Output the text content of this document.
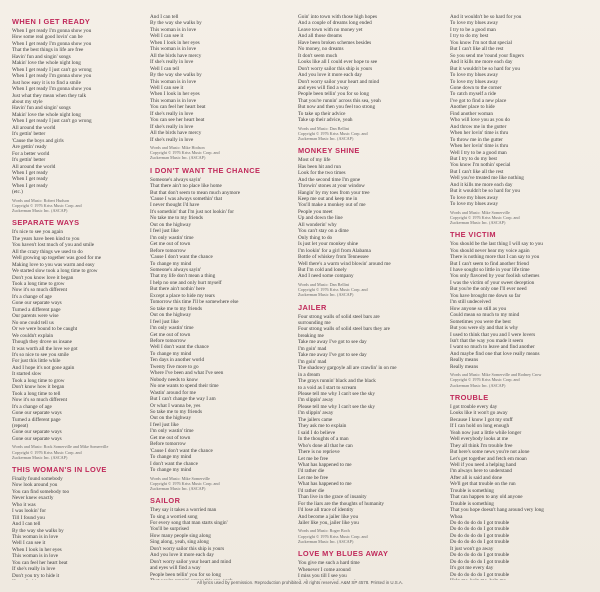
WHEN I GET READY
When I get ready I'm gonna show you
How some real good lovin' can be
When I get ready I'm gonna show you
That the best things in life are free
Havin' fun and singin' songs
Makin' love the whole night long
When I get ready I just can't go wrong
When I get ready I'm gonna show you
Just how easy it is to find a smile
When I get ready I'm gonna show you
Just what they mean when they talk
about my style
Havin' fun and singin' songs
Makin' love the whole night long
When I get ready I just can't go wrong
All around the world
It's gettin' better
'Cause the boys and girls
Are gettin' ready
For a better world
It's gettin' better
All around the world
When I get ready
When I get ready
When I get ready
(etc.)
Words and Music: Robert Hudson
Copyright © 1976 Kriss Music Corp. and
Zuckerman Music Inc. (ASCAP)
SEPARATE WAYS
It's nice to see you again
The years have been kind to you
You haven't lost much of you and smile
All the crazy things we used to do
Well growing up together was good for me
Making love to you was warm and easy
We started slow took a long time to grow
Don't you know love it began
Took a long time to grow
Now it's so much different
It's a change of age
Gone our separate ways
Turned a different page
Our parents were wise
No one could tell us
Or we were bound to be caught
We couldn't explain
Though they drove us insane
It was worth all the love we got
It's so nice to see you smile
For just this little while
And I hope it's not gone again
It started slow
Took a long time to grow
Don't know how it began
Took a long time to tell
Now it's so much different
It's a change of age
Gone our separate ways
Turned a different page
(repeat)
Gone our separate ways
Gone our separate ways
Words and Music: Rock Somerville and Mike Somerville
Copyright © 1976 Kriss Music Corp. and
Zuckerman Music Inc. (ASCAP)
THIS WOMAN'S IN LOVE
Finally found somebody
Now look around you
You can find somebody too
Never knew exactly
Who it was
I was lookin' for
Till I found you
And I can tell
By the way she walks by
This woman is in love
Well I can see it
When I look in her eyes
This woman is in love
You can feel her heart beat
If she's really in love
Don't you try to hide it
And I can tell
By the way she walks by
This woman is in love
Well I can see it
When I look in her eyes
This woman is in love
All the birds have mercy
If she's really in love
Well I can tell
By the way she walks by
This woman is in love
Well I can see it
When I look in her eyes
This woman is in love
You can feel her heart beat
If she's really in love
You can see her heart beat
If she's really in love
All the birds have mercy
If she's really in love
Words and Music: Mike Hodson
Copyright © 1976 Kriss Music Corp. and
Zuckerman Music Inc. (ASCAP)
I DON'T WANT THE CHANCE
Someone's always sayin'
That there ain't no place like home
But that don't seem to mean much anymore
'Cause I was always somethin' that
I never thought I'd have
It's somethin' that I'm just not lookin' for
No take me to my friends
Out on the highway
I feel just like
I'm only wastin' time
Get me out of town
Before tomorrow
'Cause I don't want the chance
To change my mind
Someone's always sayin'
That my life don't mean a thing
I help no one and only hurt myself
But there ain't nothin' here
Except a place to hide my tears
Tomorrow this time I'll be somewhere else
So take me to my friends
Out on the highway
I feel just like
I'm only wastin' time
Get me out of town
Before tomorrow
Well I don't want the chance
To change my mind
Ten days in another world
Twenty five more to go
Where I've been and what I've seen
Nobody needs to know
No one wants to spend their time
Wastin' around for me
But I can't change the way I am
Or what I wanna be, yes
So take me to my friends
Out on the highway
I feel just like
I'm only wastin' time
Get me out of town
Before tomorrow
'Cause I don't want the chance
To change my mind
I don't want the chance
To change my mind
Words and Music: Mike Somerville
Copyright © 1976 Kriss Music Corp. and
Zuckerman Music Inc. (ASCAP)
SAILOR
They say it takes a worried man
To sing a worried song
For every song that man starts singin'
You'll be surprised
How many people sing along
Sing along, yeah, sing along
Don't worry sailor this ship is yours
And you love it more each day
Don't worry sailor your heart and mind
and eyes will find a way
People been tellin' you for so long
Goin' into town with those high hopes
And a couple of dreams long ended
Leave town with no money yet
And all those dreams
Have been broken schemes besides
No money, no dreams
It don't seem much
Looks like all I could ever hope to see
Don't worry sailor this ship is yours
And you love it more each day
Don't worry sailor your heart and mind
and eyes will find a way
People been tellin' you for so long
That you're runnin' across this sea, yeah
But now and then you feel too strong
To take up their advice
Take up their advice, yeah
Words and Music: Dan Bellini
Copyright © 1976 Kriss Music Corp. and
Zuckerman Music Inc. (ASCAP)
MONKEY SHINE
Most of my life
Has been hit and run
Look for the two times
And the second time I'm gone
Throwin' stones at your window
Hangin' by my toes from your tree
Keep me out and keep me in
You'll make a monkey out of me
People you meet
Up and down the line
All wonderin' why
You can't stay on a dime
Only thing to do
Is just let your monkey shine
I'm lookin' for a girl from Alabama
Bottle of whiskey from Tennessee
Well there's a warm wind blowin' around me
But I'm cold and lonely
And I need some company
Words and Music: Dan Bellini
Copyright © 1976 Kriss Music Corp. and
Zuckerman Music Inc. (ASCAP)
JAILER
Four strong walls of solid steel bars are
surrounding me
Four strong walls of solid steel bars they are
breaking me
Take me away I've got to see day
I'm goin' mad
Take me away I've got to see day
I'm goin' mad
The shadowy gargoyle all are crawlin' in on me
in a dream
The grays runnin' black and the black
to a void as I start to scream
Please tell me why I can't see the sky
I'm slippin' away
Please tell me why I can't see the sky
I'm slippin' away
The jailers came
They ask me to explain
I said I do believe
In the thoughts of a man
Who's done all that he can
There is no reprieve
Let me be free
What has happened to me
I'd rather die
Let me be free
What has happened to me
I'd rather die
Than live in the grace of insanity
For the liars are the thoughts of humanity
I'd lose all trace of identity
And become a jailer like you
Jailer like you, jailer like you
Words and Music: Roger Boch
Copyright © 1976 Kriss Music Corp. and
Zuckerman Music Inc. (ASCAP)
LOVE MY BLUES AWAY
You give me such a hard time
Whenever I come around
I miss you till I see you
And it wouldn't be so hard for you
To love my blues away
I try to be a good man
I try to do my best
You know I'm not that special
But I can't like all the rest
So you send me 'round your fingers
And it kills me more each day
But it wouldn't be so hard for you
To love my blues away
To love my blues away
Gone down to the corner
To catch myself a ride
I've got to find a new place
Another place to hide
Find another woman
Who will love you as you do
And throw me in the gutter
When her lovin' time is thru
To throw me in the gutter
When her lovin' time is thru
Well I try to be a good man
But I try to do my best
You know I'm nothin' special
But I can't like all the rest
Well you've treated me like nothing
And it kills me more each day
But it wouldn't be so hard for you
To love my blues away
To love my blues away
Words and Music: Mike Somerville
Copyright © 1976 Kriss Music Corp. and
Zuckerman Music Inc. (ASCAP)
THE VICTIM
You should be the last thing I will say to you
You should never hear my voice again
There is nothing more that I can say to you
But I can't seem to find another friend
I have sought so little in your life time
You only flavored by your foolish schemes
I was the victim of your sweet deception
But you're the only one I'll ever need
You have brought me down so far
I'm still undeceived
How anyone so still as you
Could mean so much to my mind
Sometimes you were the best
But you were sly and that is why
I used to think that you and I were lovers
Isn't that the way you made it seem
I want so much to leave and find another
And maybe find one that love really means
Really means
Really means
Words and Music: Mike Somerville and Rodney Crow
Copyright © 1976 Kriss Music Corp. and
Zuckerman Music Inc. (ASCAP)
TROUBLE
I got trouble every day
Looks like it won't go away
Because I know I got my stuff
If I can hold on long enough
Yeah now just a little while longer
Well everybody looks at me
They all think I'm trouble free
But here's some news you're not alone
Let's get together and fetch em moan
Well if you need a helping hand
I'm always here to understand
After all is said and done
We'll get that trouble on the run
Trouble is something
That can happen to any old anyone
Trouble is something
That you hope doesn't hang around very long
Whoa
Do do do do do I got trouble
Do do do do do I got trouble
Do do do do do I got trouble
Do do do do do I got trouble
It just won't go away
Do do do do do I got trouble
Do do do do do I got trouble
It's got me every day
Do do do do do I got trouble
All lyrics used by permission. Reproduction prohibited. All rights reserved. A&M SP 4578. Printed in U.S.A.
